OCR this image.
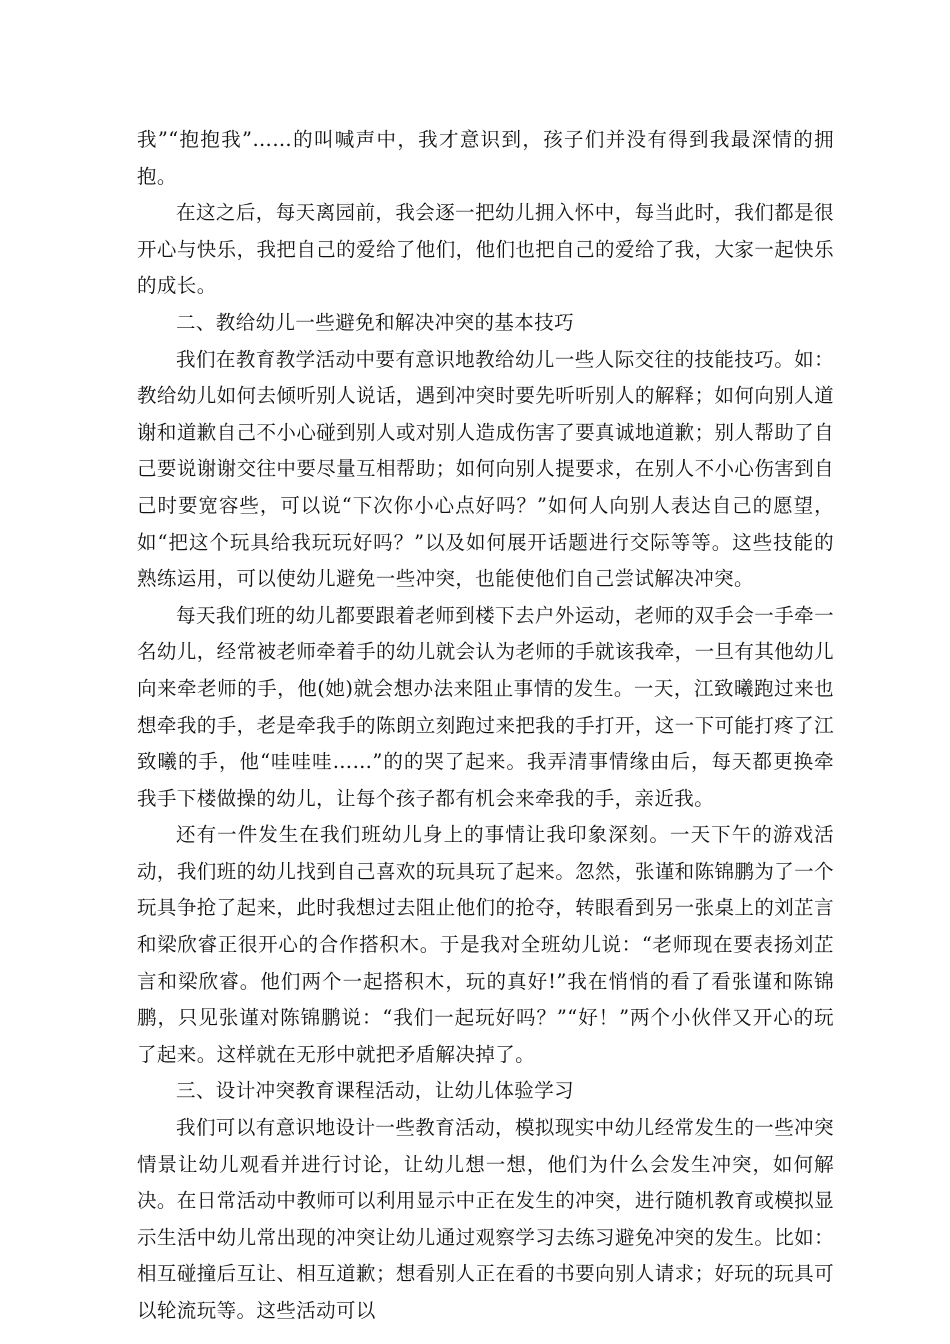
我”“抱抱我”……的叫喊声中，我才意识到，孩子们并没有得到我最深情的拥抱。

在这之后，每天离园前，我会逐一把幼儿拥入怀中，每当此时，我们都是很开心与快乐，我把自己的爱给了他们，他们也把自己的爱给了我，大家一起快乐的成长。

二、教给幼儿一些避免和解决冲突的基本技巧

我们在教育教学活动中要有意识地教给幼儿一些人际交往的技能技巧。如：教给幼儿如何去倾听别人说话，遇到冲突时要先听听别人的解释；如何向别人道谢和道歉自己不小心碰到别人或对别人造成伤害了要真诚地道歉；别人帮助了自己要说谢谢交往中要尽量互相帮助；如何向别人提要求，在别人不小心伤害到自己时要宽容些，可以说“下次你小心点好吗？”如何人向别人表达自己的愿望，如“把这个玩具给我玩玩好吗？”以及如何展开话题进行交际等等。这些技能的熟练运用，可以使幼儿避免一些冲突，也能使他们自己尝试解决冲突。

每天我们班的幼儿都要跟着老师到楼下去户外运动，老师的双手会一手牵一名幼儿，经常被老师牵着手的幼儿就会认为老师的手就该我牵，一旦有其他幼儿向来牵老师的手，他(她)就会想办法来阻止事情的发生。一天，江致曦跑过来也想牵我的手，老是牵我手的陈朗立刻跑过来把我的手打开，这一下可能打疼了江致曦的手，他“哇哇哇……”的的哭了起来。我弄清事情缘由后，每天都更换牵我手下楼做操的幼儿，让每个孩子都有机会来牵我的手，亲近我。

还有一件发生在我们班幼儿身上的事情让我印象深刻。一天下午的游戏活动，我们班的幼儿找到自己喜欢的玩具玩了起来。忽然，张谨和陈锦鹏为了一个玩具争抢了起来，此时我想过去阻止他们的抢夺，转眼看到另一张桌上的刘芷言和梁欣睿正很开心的合作搭积木。于是我对全班幼儿说：“老师现在要表扬刘芷言和梁欣睿。他们两个一起搭积木，玩的真好!”我在悄悄的看了看张谨和陈锦鹏，只见张谨对陈锦鹏说：“我们一起玩好吗？”“好！”两个小伙伴又开心的玩了起来。这样就在无形中就把矛盾解决掉了。

三、设计冲突教育课程活动，让幼儿体验学习

我们可以有意识地设计一些教育活动，模拟现实中幼儿经常发生的一些冲突情景让幼儿观看并进行讨论，让幼儿想一想，他们为什么会发生冲突，如何解决。在日常活动中教师可以利用显示中正在发生的冲突，进行随机教育或模拟显示生活中幼儿常出现的冲突让幼儿通过观察学习去练习避免冲突的发生。比如：相互碰撞后互让、相互道歉；想看别人正在看的书要向别人请求；好玩的玩具可以轮流玩等。这些活动可以
